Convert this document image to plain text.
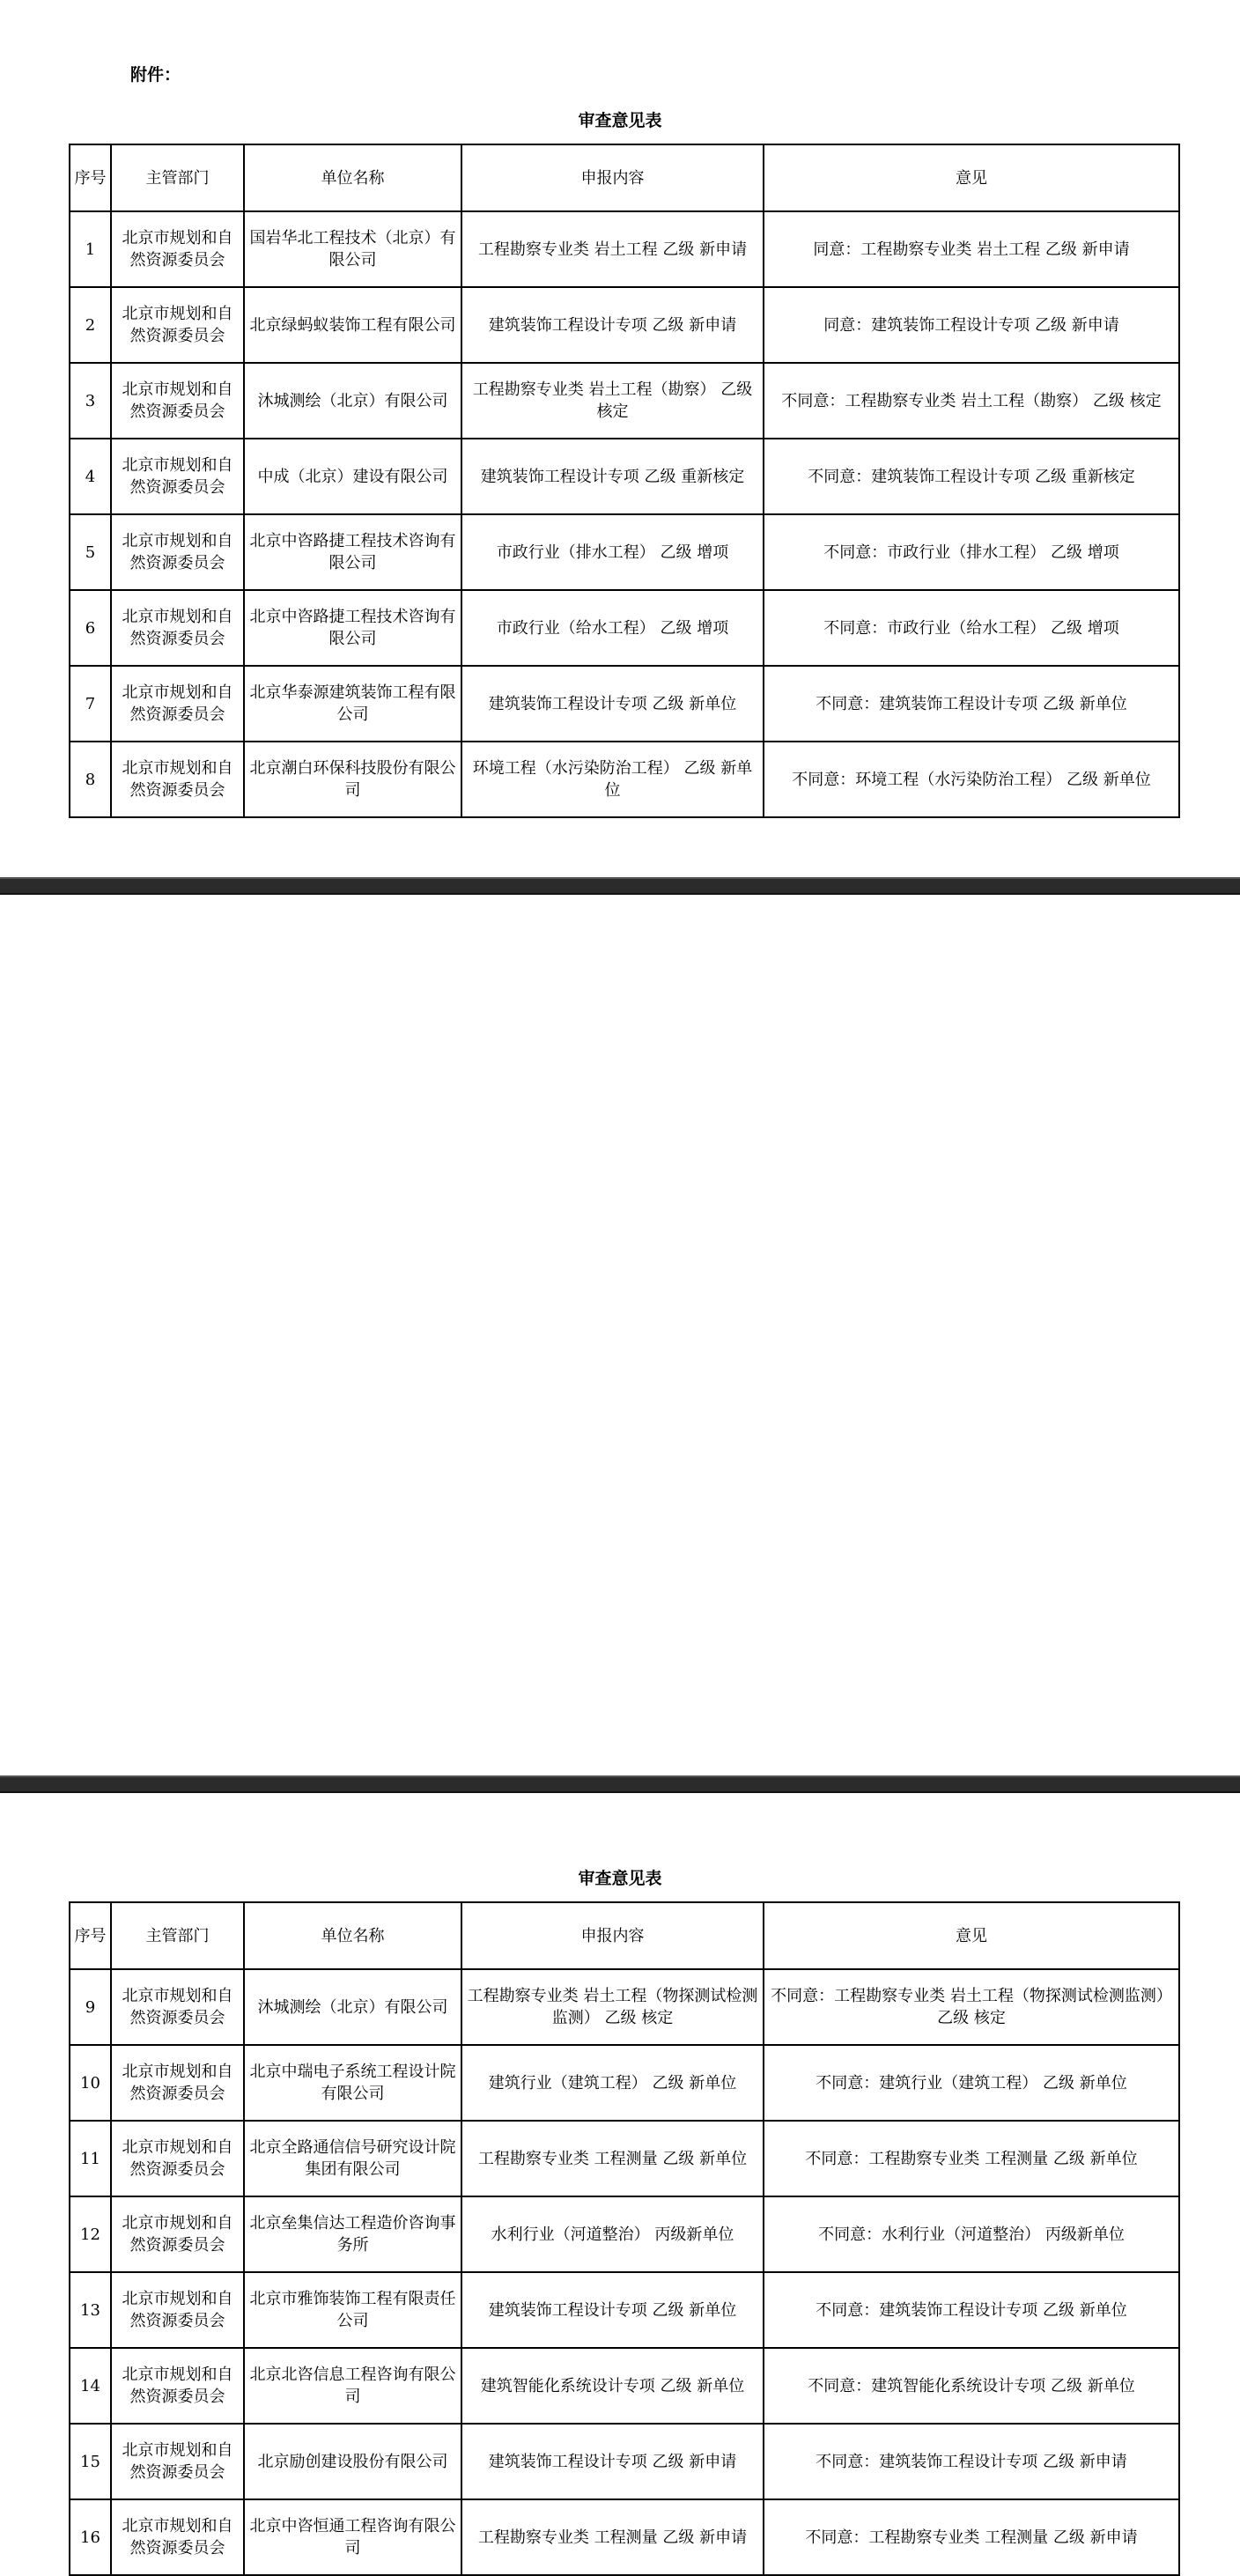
附件：
审查意见表
序号	主管部门	单位名称	申报内容	意见
1	北京市规划和自然资源委员会	国岩华北工程技术（北京）有限公司	工程勘察专业类 岩土工程 乙级 新申请	同意：工程勘察专业类 岩土工程 乙级 新申请
2	北京市规划和自然资源委员会	北京绿蚂蚁装饰工程有限公司	建筑装饰工程设计专项 乙级 新申请	同意：建筑装饰工程设计专项 乙级 新申请
3	北京市规划和自然资源委员会	沐城测绘（北京）有限公司	工程勘察专业类 岩土工程（勘察） 乙级 核定	不同意：工程勘察专业类 岩土工程（勘察） 乙级 核定
4	北京市规划和自然资源委员会	中成（北京）建设有限公司	建筑装饰工程设计专项 乙级 重新核定	不同意：建筑装饰工程设计专项 乙级 重新核定
5	北京市规划和自然资源委员会	北京中咨路捷工程技术咨询有限公司	市政行业（排水工程） 乙级 增项	不同意：市政行业（排水工程） 乙级 增项
6	北京市规划和自然资源委员会	北京中咨路捷工程技术咨询有限公司	市政行业（给水工程） 乙级 增项	不同意：市政行业（给水工程） 乙级 增项
7	北京市规划和自然资源委员会	北京华泰源建筑装饰工程有限公司	建筑装饰工程设计专项 乙级 新单位	不同意：建筑装饰工程设计专项 乙级 新单位
8	北京市规划和自然资源委员会	北京潮白环保科技股份有限公司	环境工程（水污染防治工程） 乙级 新单位	不同意：环境工程（水污染防治工程） 乙级 新单位
审查意见表
序号	主管部门	单位名称	申报内容	意见
9	北京市规划和自然资源委员会	沐城测绘（北京）有限公司	工程勘察专业类 岩土工程（物探测试检测监测） 乙级 核定	不同意：工程勘察专业类 岩土工程（物探测试检测监测） 乙级 核定
10	北京市规划和自然资源委员会	北京中瑞电子系统工程设计院有限公司	建筑行业（建筑工程） 乙级 新单位	不同意：建筑行业（建筑工程） 乙级 新单位
11	北京市规划和自然资源委员会	北京全路通信信号研究设计院集团有限公司	工程勘察专业类 工程测量 乙级 新单位	不同意：工程勘察专业类 工程测量 乙级 新单位
12	北京市规划和自然资源委员会	北京垒集信达工程造价咨询事务所	水利行业（河道整治） 丙级新单位	不同意：水利行业（河道整治） 丙级新单位
13	北京市规划和自然资源委员会	北京市雅饰装饰工程有限责任公司	建筑装饰工程设计专项 乙级 新单位	不同意：建筑装饰工程设计专项 乙级 新单位
14	北京市规划和自然资源委员会	北京北咨信息工程咨询有限公司	建筑智能化系统设计专项 乙级 新单位	不同意：建筑智能化系统设计专项 乙级 新单位
15	北京市规划和自然资源委员会	北京励创建设股份有限公司	建筑装饰工程设计专项 乙级 新申请	不同意：建筑装饰工程设计专项 乙级 新申请
16	北京市规划和自然资源委员会	北京中咨恒通工程咨询有限公司	工程勘察专业类 工程测量 乙级 新申请	不同意：工程勘察专业类 工程测量 乙级 新申请
